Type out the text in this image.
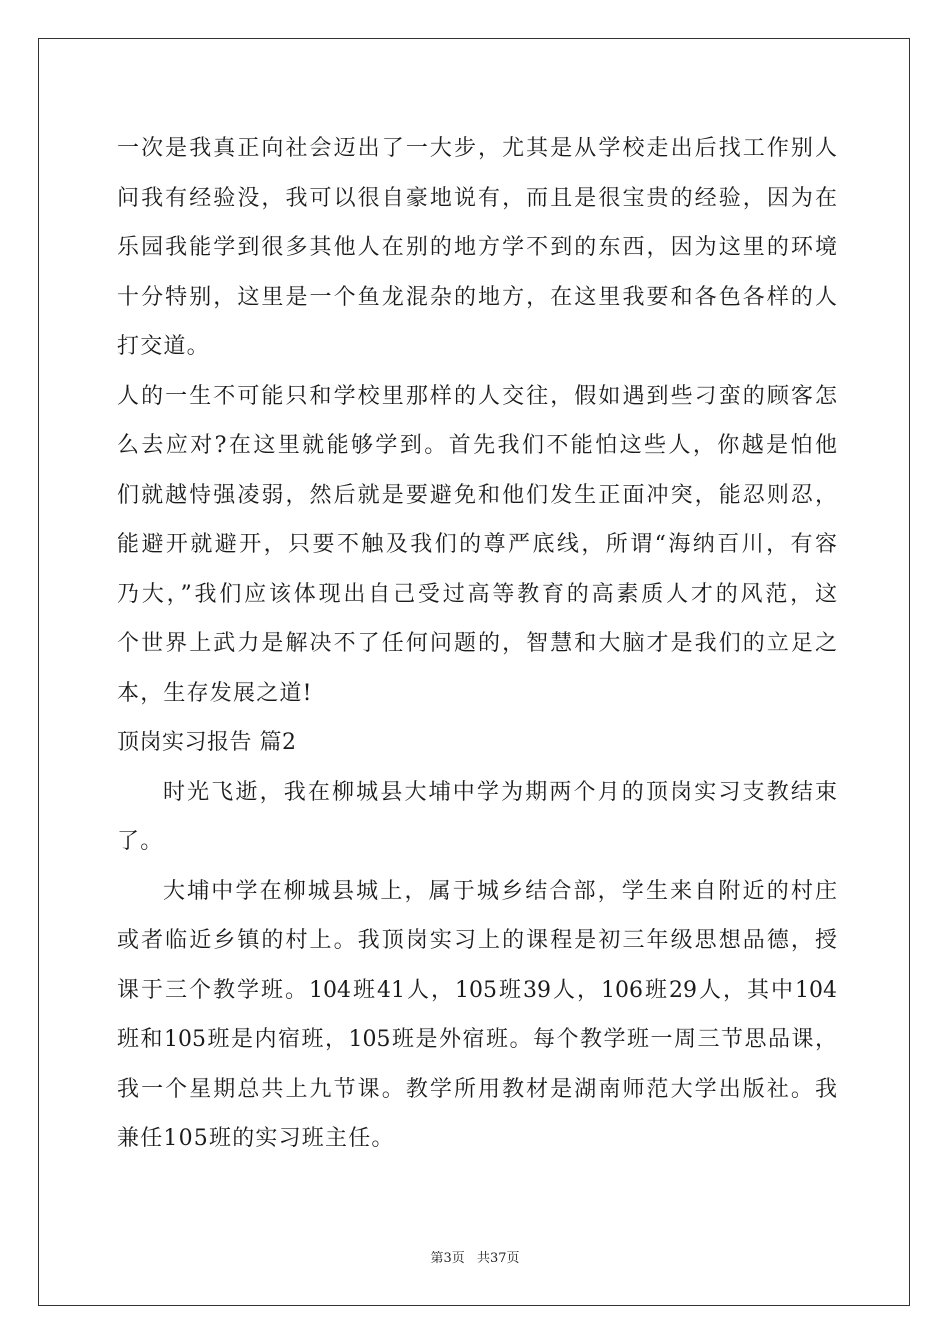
一次是我真正向社会迈出了一大步，尤其是从学校走出后找工作别人
问我有经验没，我可以很自豪地说有，而且是很宝贵的经验，因为在
乐园我能学到很多其他人在别的地方学不到的东西，因为这里的环境
十分特别，这里是一个鱼龙混杂的地方，在这里我要和各色各样的人
打交道。
人的一生不可能只和学校里那样的人交往，假如遇到些刁蛮的顾客怎
么去应对?在这里就能够学到。首先我们不能怕这些人，你越是怕他
们就越恃强凌弱，然后就是要避免和他们发生正面冲突，能忍则忍，
能避开就避开，只要不触及我们的尊严底线，所谓“海纳百川，有容
乃大，”我们应该体现出自己受过高等教育的高素质人才的风范，这
个世界上武力是解决不了任何问题的，智慧和大脑才是我们的立足之
本，生存发展之道!
顶岗实习报告 篇2
时光飞逝，我在柳城县大埔中学为期两个月的顶岗实习支教结束
了。
大埔中学在柳城县城上，属于城乡结合部，学生来自附近的村庄
或者临近乡镇的村上。我顶岗实习上的课程是初三年级思想品德，授
课于三个教学班。104班41人，105班39人，106班29人，其中104
班和105班是内宿班，105班是外宿班。每个教学班一周三节思品课，
我一个星期总共上九节课。教学所用教材是湖南师范大学出版社。我
兼任105班的实习班主任。
第3页 共37页
